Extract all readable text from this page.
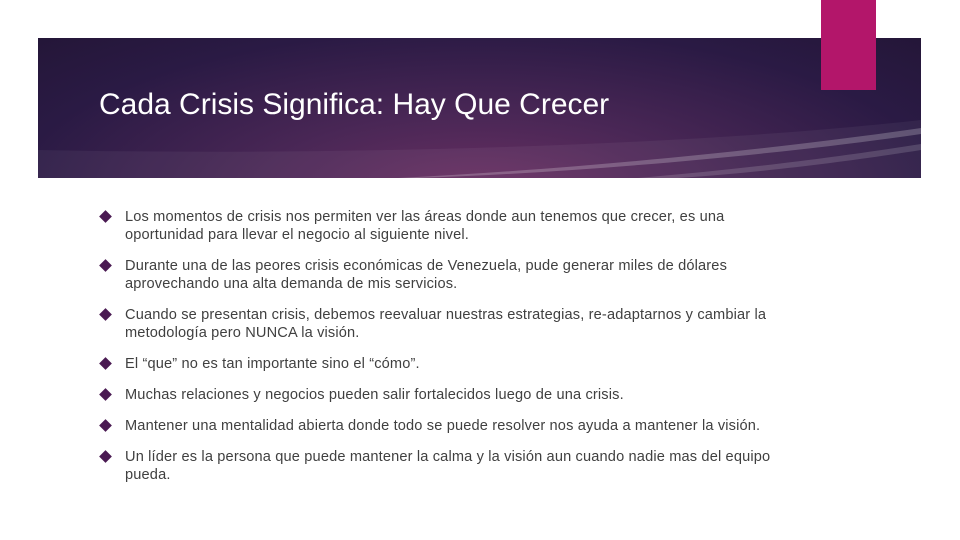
Cada Crisis Significa: Hay Que Crecer
Los momentos de crisis nos permiten ver las áreas donde aun tenemos que crecer, es una oportunidad para llevar el negocio al siguiente nivel.
Durante una de las peores crisis económicas de Venezuela, pude generar miles de dólares aprovechando una alta demanda de mis servicios.
Cuando se presentan crisis, debemos reevaluar nuestras estrategias, re-adaptarnos y cambiar la metodología pero NUNCA la visión.
El “que” no es tan importante sino el “cómo”.
Muchas relaciones y negocios pueden salir fortalecidos luego de una crisis.
Mantener una mentalidad abierta donde todo se puede resolver nos ayuda a mantener la visión.
Un líder es la persona que puede mantener la calma y la visión aun cuando nadie mas del equipo pueda.
